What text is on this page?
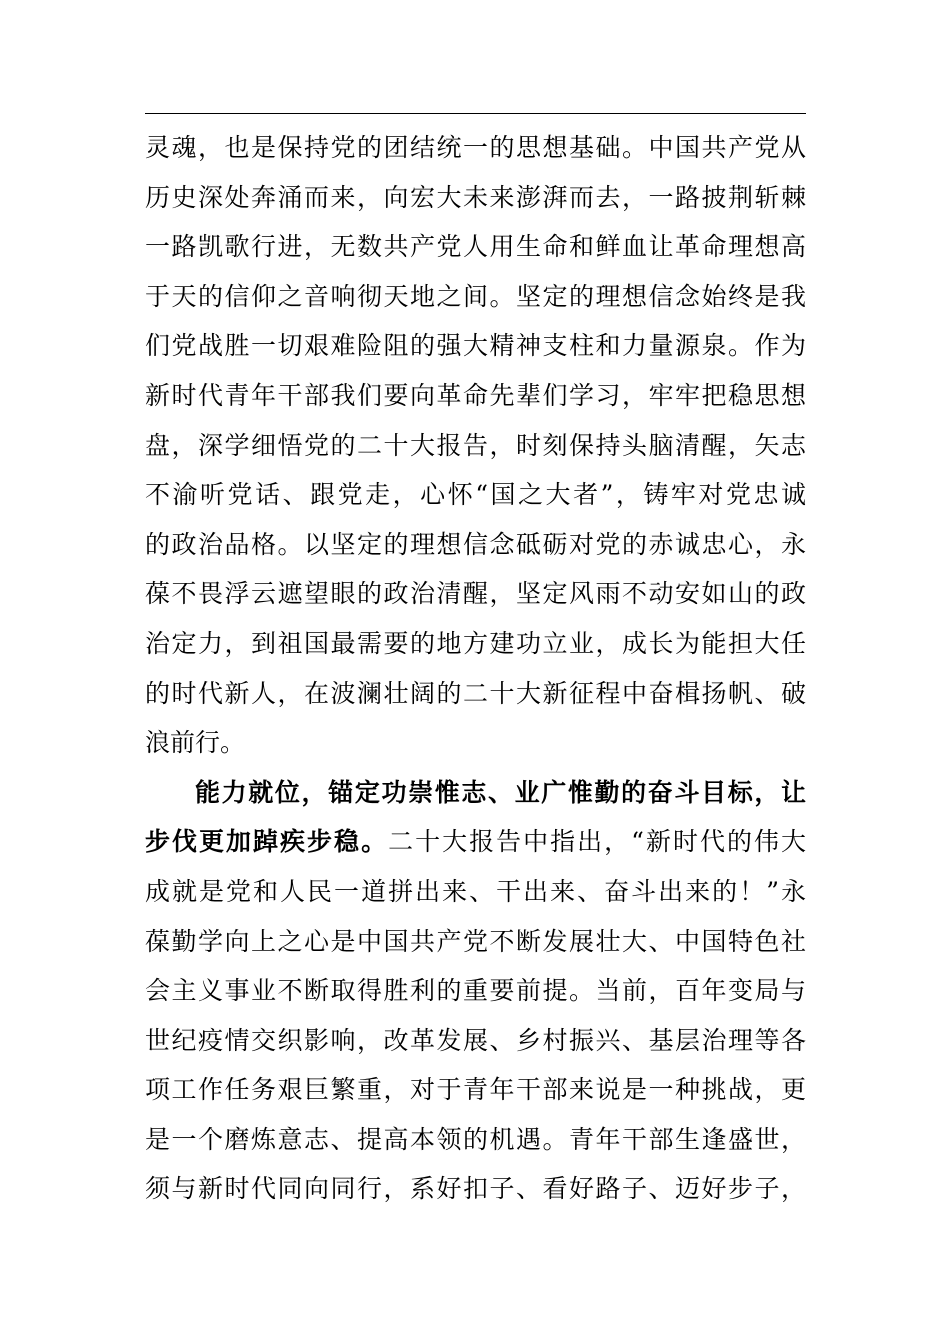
灵魂，也是保持党的团结统一的思想基础。中国共产党从
历史深处奔涌而来，向宏大未来澎湃而去，一路披荆斩棘
一路凯歌行进，无数共产党人用生命和鲜血让革命理想高
于天的信仰之音响彻天地之间。坚定的理想信念始终是我
们党战胜一切艰难险阻的强大精神支柱和力量源泉。作为
新时代青年干部我们要向革命先辈们学习，牢牢把稳思想
盘，深学细悟党的二十大报告，时刻保持头脑清醒，矢志
不渝听党话、跟党走，心怀“国之大者”，铸牢对党忠诚
的政治品格。以坚定的理想信念砥砺对党的赤诚忠心，永
葆不畏浮云遮望眼的政治清醒，坚定风雨不动安如山的政
治定力，到祖国最需要的地方建功立业，成长为能担大任
的时代新人，在波澜壮阔的二十大新征程中奋楫扬帆、破
浪前行。
能力就位，锚定功崇惟志、业广惟勤的奋斗目标，让
步伐更加踔疾步稳。二十大报告中指出，“新时代的伟大
成就是党和人民一道拼出来、干出来、奋斗出来的！”永
葆勤学向上之心是中国共产党不断发展壮大、中国特色社
会主义事业不断取得胜利的重要前提。当前，百年变局与
世纪疫情交织影响，改革发展、乡村振兴、基层治理等各
项工作任务艰巨繁重，对于青年干部来说是一种挑战，更
是一个磨炼意志、提高本领的机遇。青年干部生逢盛世，
须与新时代同向同行，系好扣子、看好路子、迈好步子，
